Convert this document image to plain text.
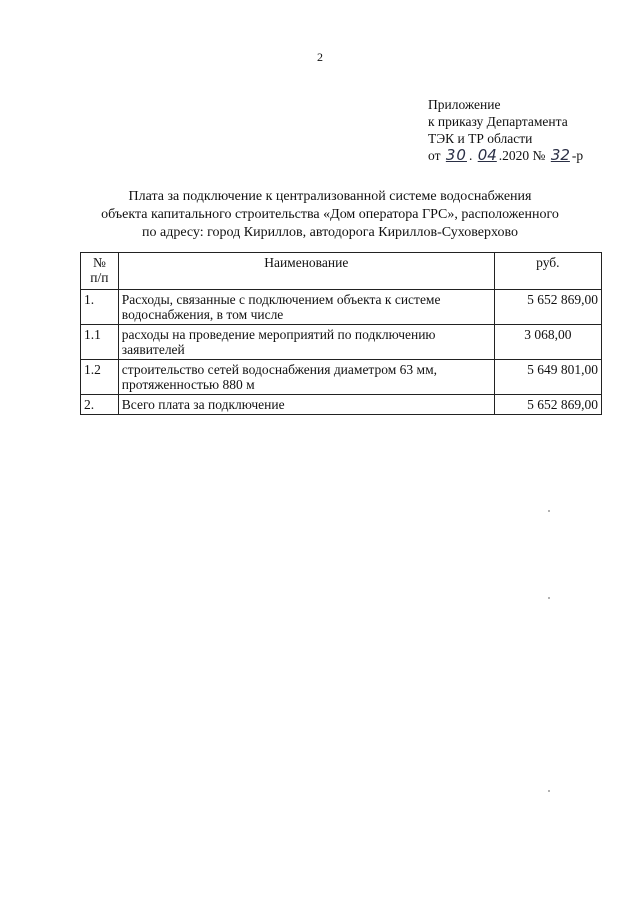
2
Приложение
к приказу Департамента
ТЭК и ТР области
от 30 . 04 .2020 № 32 -р
Плата за подключение к централизованной системе водоснабжения
объекта капитального строительства «Дом оператора ГРС», расположенного
по адресу: город Кириллов, автодорога Кириллов-Суховерхово
№
п/п	Наименование	руб.
1.	Расходы, связанные с подключением объекта к системе водоснабжения, в том числе	5 652 869,00
1.1	расходы на проведение мероприятий по подключению заявителей	3 068,00
1.2	строительство сетей водоснабжения диаметром 63 мм, протяженностью 880 м	5 649 801,00
2.	Всего плата за подключение	5 652 869,00
